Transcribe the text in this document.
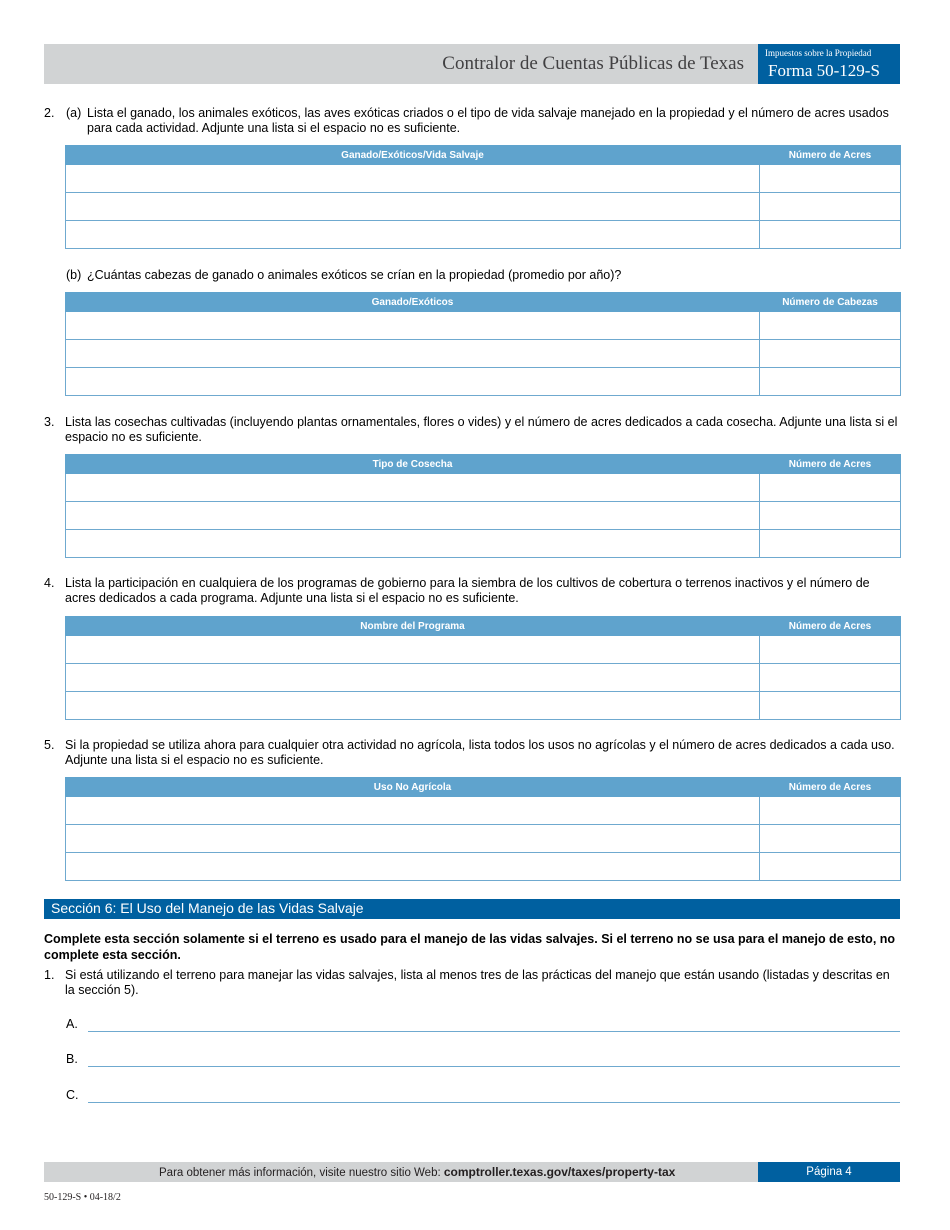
Contralor de Cuentas Públicas de Texas Impuestos sobre la Propiedad
Forma 50-129-S
2. (a) Lista el ganado, los animales exóticos, las aves exóticas criados o el tipo de vida salvaje manejado en la propiedad y el número de acres usados para cada actividad. Adjunte una lista si el espacio no es suficiente.
Ganado/Exóticos/Vida Salvaje	Número de Acres

(b) ¿Cuántas cabezas de ganado o animales exóticos se crían en la propiedad (promedio por año)?
Ganado/Exóticos	Número de Cabezas

3. Lista las cosechas cultivadas (incluyendo plantas ornamentales, flores o vides) y el número de acres dedicados a cada cosecha. Adjunte una lista si el espacio no es suficiente.
Tipo de Cosecha	Número de Acres

4. Lista la participación en cualquiera de los programas de gobierno para la siembra de los cultivos de cobertura o terrenos inactivos y el número de acres dedicados a cada programa. Adjunte una lista si el espacio no es suficiente.
Nombre del Programa	Número de Acres

5. Si la propiedad se utiliza ahora para cualquier otra actividad no agrícola, lista todos los usos no agrícolas y el número de acres dedicados a cada uso. Adjunte una lista si el espacio no es suficiente.
Uso No Agrícola	Número de Acres

Sección 6: El Uso del Manejo de las Vidas Salvaje
Complete esta sección solamente si el terreno es usado para el manejo de las vidas salvajes. Si el terreno no se usa para el manejo de esto, no complete esta sección.
1. Si está utilizando el terreno para manejar las vidas salvajes, lista al menos tres de las prácticas del manejo que están usando (listadas y descritas en la sección 5).
A.
B.
C.
Para obtener más información, visite nuestro sitio Web: comptroller.texas.gov/taxes/property-tax	Página 4
50-129-S • 04-18/2
